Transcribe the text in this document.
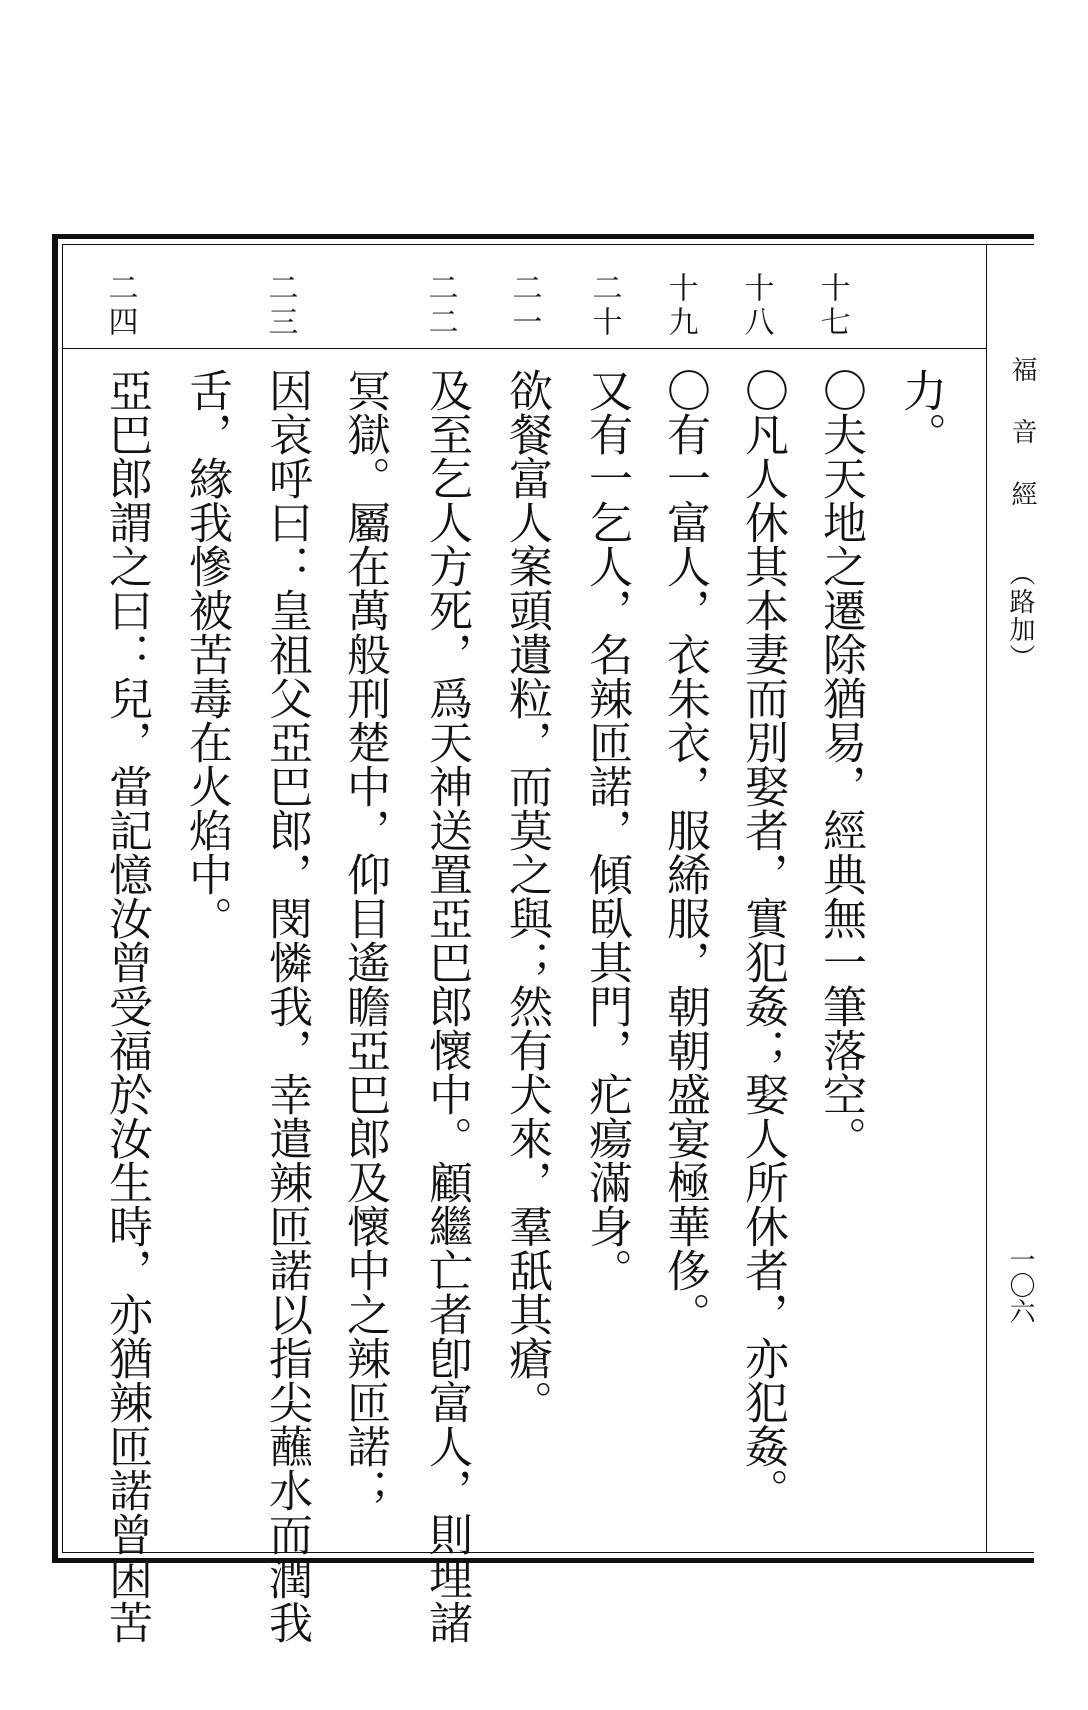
福 音 經
（路加）
一〇六
十七
十八
十九
二十
二一
二二
二三
二四
力。
〇夫天地之遷除猶易，經典無一筆落空。
〇凡人休其本妻而別娶者，實犯姦；娶人所休者，亦犯姦。
〇有一富人，衣朱衣，服絺服，朝朝盛宴極華侈。
又有一乞人，名辣匝諾，傾臥其門，疕瘍滿身。
欲餐富人案頭遺粒，而莫之與；然有犬來，羣舐其瘡。
及至乞人方死，爲天神送置亞巴郎懷中。顧繼亡者卽富人，則埋諸
冥獄。屬在萬般刑楚中，仰目遙瞻亞巴郎及懷中之辣匝諾；
因哀呼曰：皇祖父亞巴郎，閔憐我，幸遣辣匝諾以指尖蘸水而潤我
舌，緣我慘被苦毒在火焰中。
亞巴郎謂之曰：兒，當記憶汝曾受福於汝生時，亦猶辣匝諾曾困苦
